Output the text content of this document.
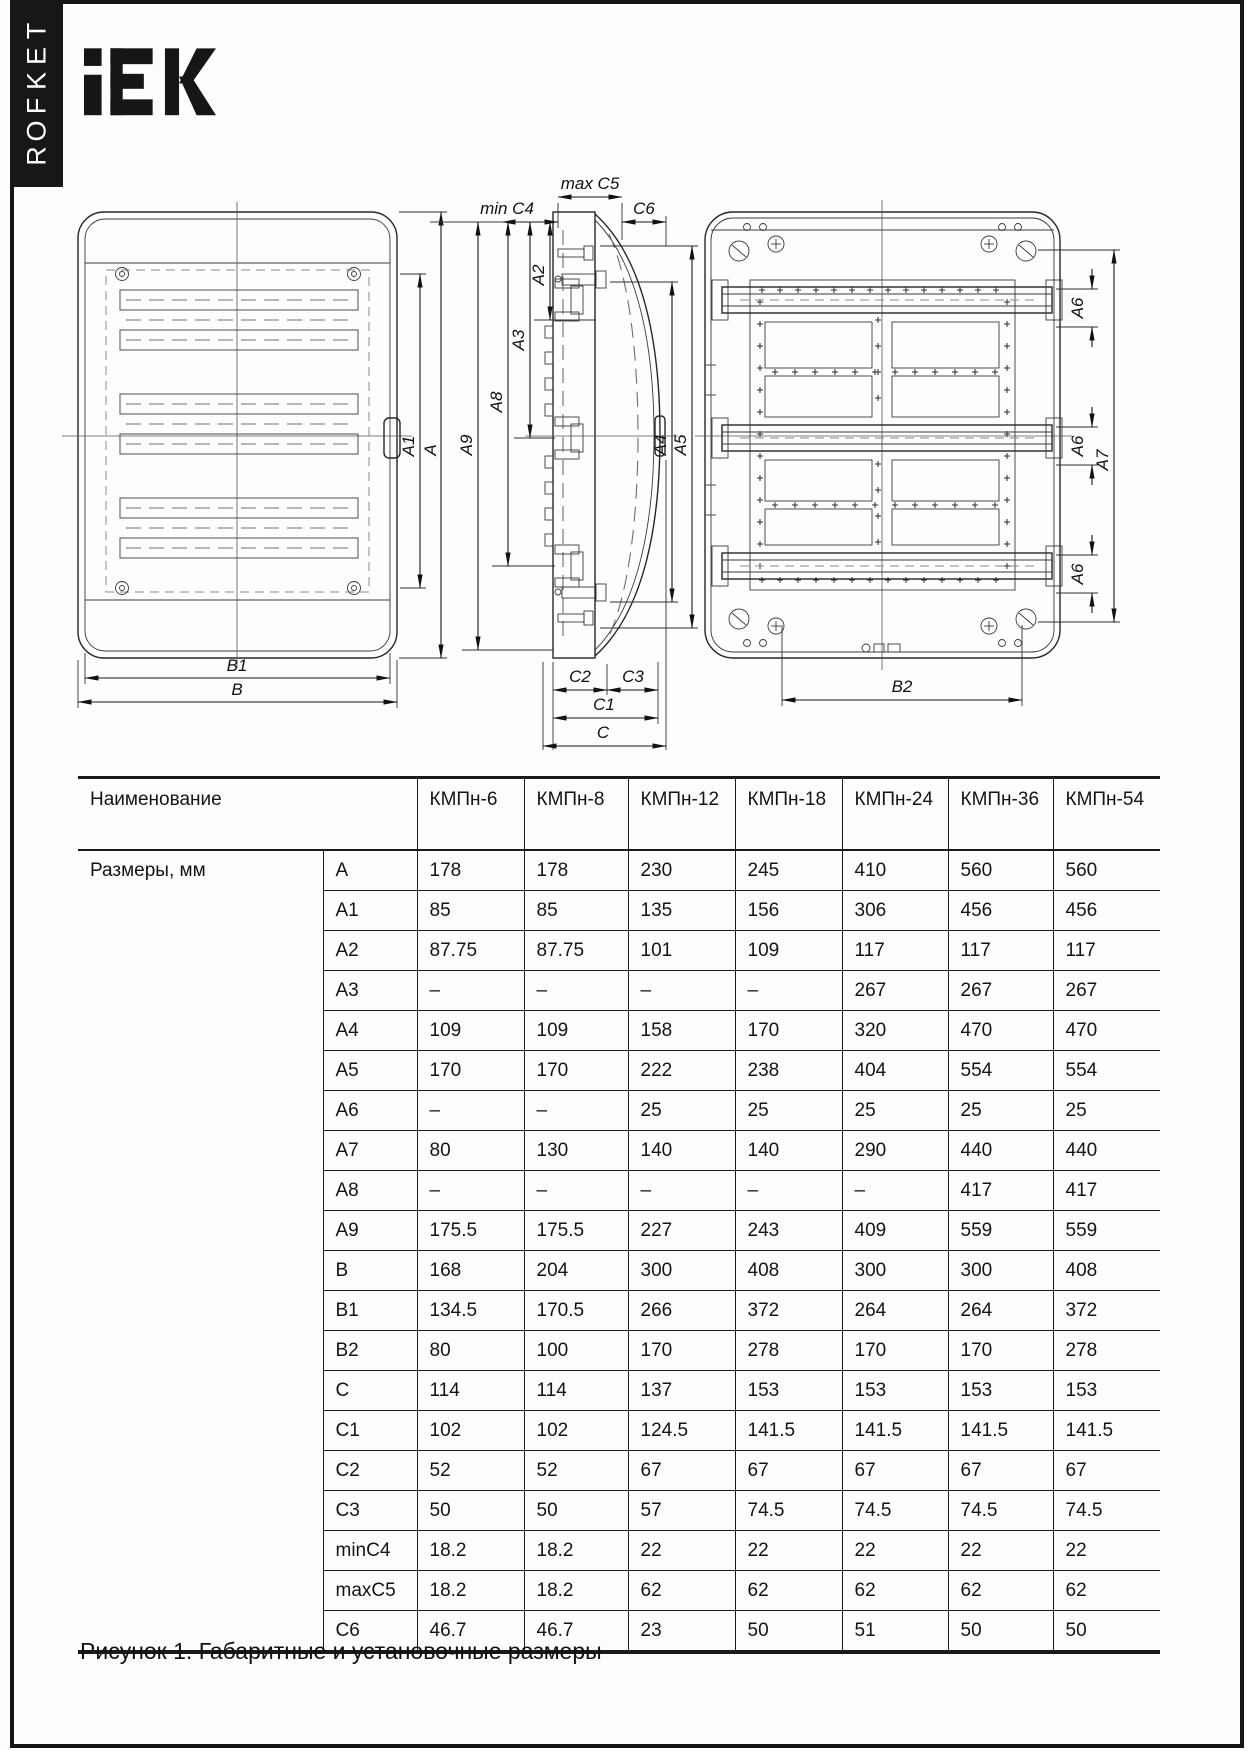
T
E
K
F
O
R
A1 A
B1
B
max C5
min C4	C6
A2
A3
A8
A9	A4 A5
C2 C3
C1
C
A6
A6
A6
A7
B2
Наименование		КМПн-6	КМПн-8	КМПн-12	КМПн-18	КМПн-24	КМПн-36	КМПн-54
Размеры, мм	A	178	178	230	245	410	560	560
	A1	85	85	135	156	306	456	456
	A2	87.75	87.75	101	109	117	117	117
	A3	–	–	–	–	267	267	267
	A4	109	109	158	170	320	470	470
	A5	170	170	222	238	404	554	554
	A6	–	–	25	25	25	25	25
	A7	80	130	140	140	290	440	440
	A8	–	–	–	–	–	417	417
	A9	175.5	175.5	227	243	409	559	559
	B	168	204	300	408	300	300	408
	B1	134.5	170.5	266	372	264	264	372
	B2	80	100	170	278	170	170	278
	C	114	114	137	153	153	153	153
	C1	102	102	124.5	141.5	141.5	141.5	141.5
	C2	52	52	67	67	67	67	67
	C3	50	50	57	74.5	74.5	74.5	74.5
	minC4	18.2	18.2	22	22	22	22	22
	maxC5	18.2	18.2	62	62	62	62	62
	C6	46.7	46.7	23	50	51	50	50
Рисунок 1. Габаритные и установочные размеры
